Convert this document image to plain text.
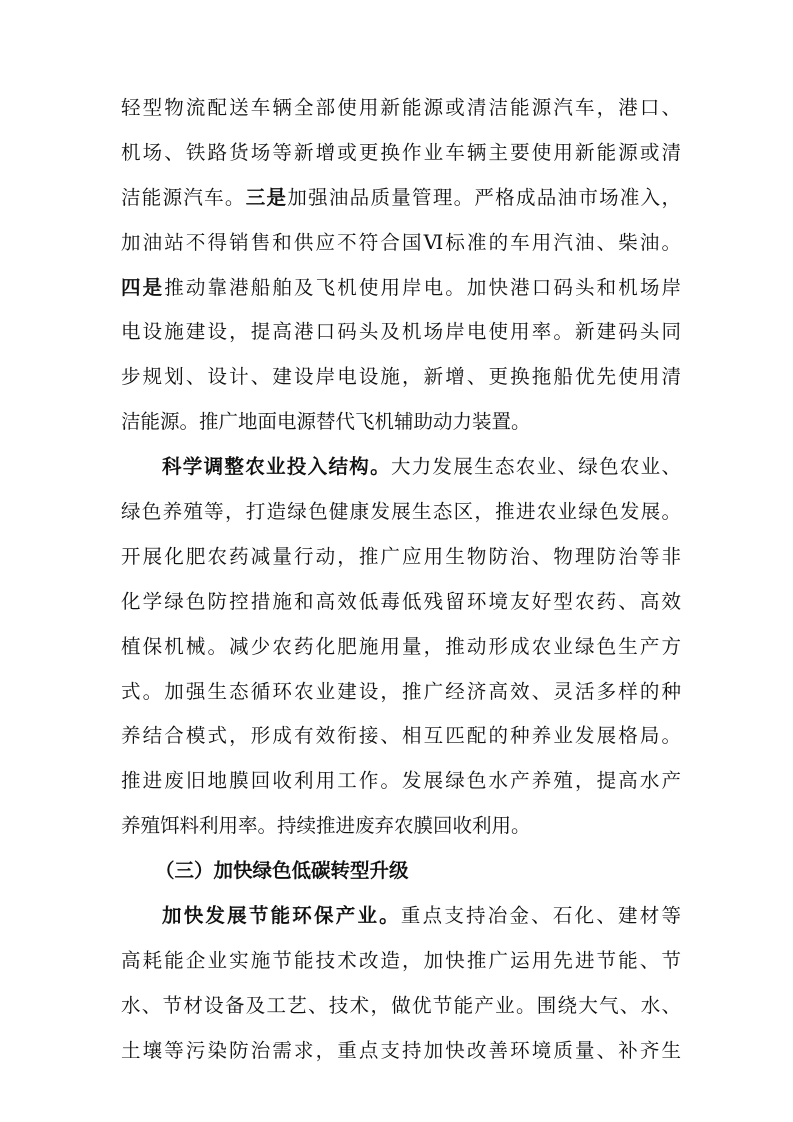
轻型物流配送车辆全部使用新能源或清洁能源汽车，港口、
机场、铁路货场等新增或更换作业车辆主要使用新能源或清
洁能源汽车。三是加强油品质量管理。严格成品油市场准入，
加油站不得销售和供应不符合国Ⅵ标准的车用汽油、柴油。
四是推动靠港船舶及飞机使用岸电。加快港口码头和机场岸
电设施建设，提高港口码头及机场岸电使用率。新建码头同
步规划、设计、建设岸电设施，新增、更换拖船优先使用清
洁能源。推广地面电源替代飞机辅助动力装置。
科学调整农业投入结构。大力发展生态农业、绿色农业、
绿色养殖等，打造绿色健康发展生态区，推进农业绿色发展。
开展化肥农药减量行动，推广应用生物防治、物理防治等非
化学绿色防控措施和高效低毒低残留环境友好型农药、高效
植保机械。减少农药化肥施用量，推动形成农业绿色生产方
式。加强生态循环农业建设，推广经济高效、灵活多样的种
养结合模式，形成有效衔接、相互匹配的种养业发展格局。
推进废旧地膜回收利用工作。发展绿色水产养殖，提高水产
养殖饵料利用率。持续推进废弃农膜回收利用。
（三）加快绿色低碳转型升级
加快发展节能环保产业。重点支持冶金、石化、建材等
高耗能企业实施节能技术改造，加快推广运用先进节能、节
水、节材设备及工艺、技术，做优节能产业。围绕大气、水、
土壤等污染防治需求，重点支持加快改善环境质量、补齐生
